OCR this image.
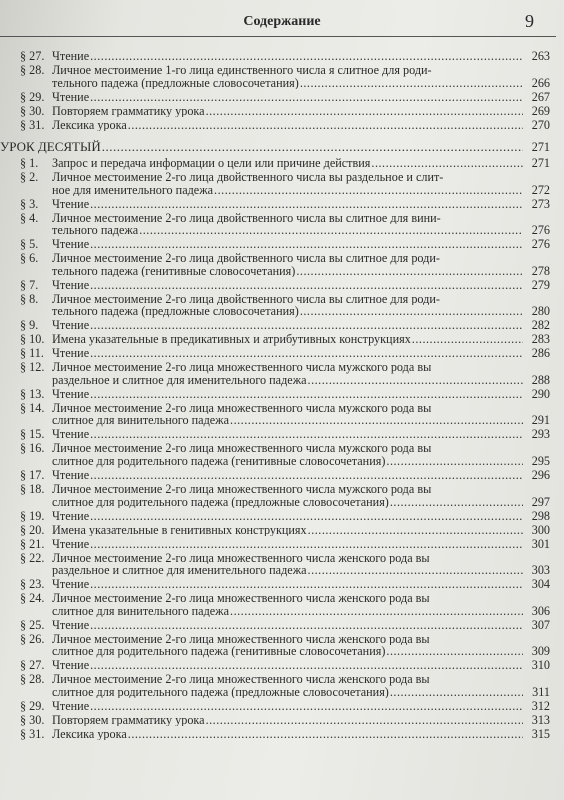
Содержание	9
§ 27. Чтение .....	263
§ 28. Личное местоимение 1-го лица единственного числа я слитное для роди-
тельного падежа (предложные словосочетания) .....	266
§ 29. Чтение .....	267
§ 30. Повторяем грамматику урока .....	269
§ 31. Лексика урока .....	270
УРОК ДЕСЯТЫЙ .....	271
§ 1.	Запрос и передача информации о цели или причине действия .....	271
§ 2.	Личное местоимение 2-го лица двойственного числа вы раздельное и слит-
ное для именительного падежа .....	272
§ 3.	Чтение .....	273
§ 4.	Личное местоимение 2-го лица двойственного числа вы слитное для вини-
тельного падежа .....	276
§ 5.	Чтение .....	276
§ 6.	Личное местоимение 2-го лица двойственного числа вы слитное для роди-
тельного падежа (генитивные словосочетания) .....	278
§ 7.	Чтение .....	279
§ 8.	Личное местоимение 2-го лица двойственного числа вы слитное для роди-
тельного падежа (предложные словосочетания) .....	280
§ 9.	Чтение .....	282
§ 10. Имена указательные в предикативных и атрибутивных конструкциях .....	283
§ 11. Чтение .....	286
§ 12. Личное местоимение 2-го лица множественного числа мужского рода вы
раздельное и слитное для именительного падежа .....	288
§ 13. Чтение .....	290
§ 14. Личное местоимение 2-го лица множественного числа мужского рода вы
слитное для винительного падежа .....	291
§ 15. Чтение .....	293
§ 16. Личное местоимение 2-го лица множественного числа мужского рода вы
слитное для родительного падежа (генитивные словосочетания) .....	295
§ 17. Чтение .....	296
§ 18. Личное местоимение 2-го лица множественного числа мужского рода вы
слитное для родительного падежа (предложные словосочетания) .....	297
§ 19. Чтение .....	298
§ 20. Имена указательные в генитивных конструкциях .....	300
§ 21. Чтение .....	301
§ 22. Личное местоимение 2-го лица множественного числа женского рода вы
раздельное и слитное для именительного падежа .....	303
§ 23. Чтение .....	304
§ 24. Личное местоимение 2-го лица множественного числа женского рода вы
слитное для винительного падежа .....	306
§ 25. Чтение .....	307
§ 26. Личное местоимение 2-го лица множественного числа женского рода вы
слитное для родительного падежа (генитивные словосочетания) .....	309
§ 27. Чтение .....	310
§ 28. Личное местоимение 2-го лица множественного числа женского рода вы
слитное для родительного падежа (предложные словосочетания) .....	311
§ 29. Чтение .....	312
§ 30. Повторяем грамматику урока .....	313
§ 31. Лексика урока .....	315
